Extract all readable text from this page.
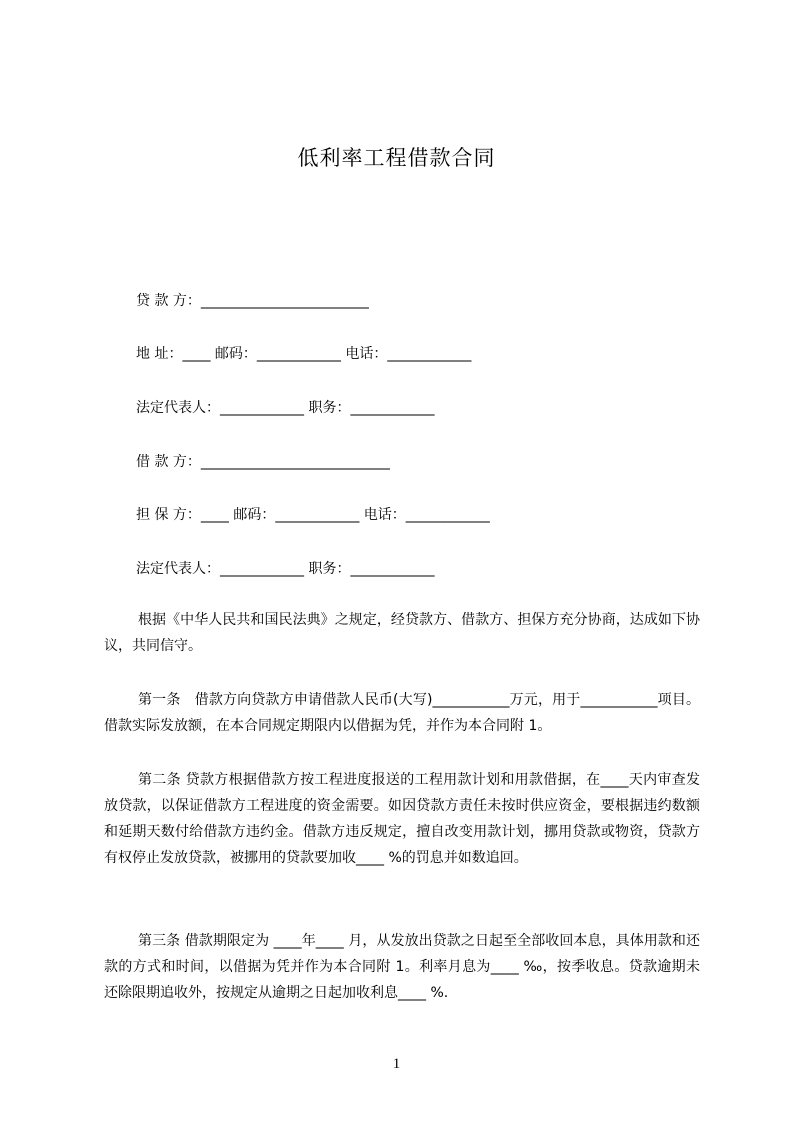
低利率工程借款合同
贷 款 方：________________________
地 址：____ 邮码：____________ 电话：____________
法定代表人：____________ 职务：____________
借 款 方：___________________________
担 保 方：____ 邮码：____________ 电话：____________
法定代表人：____________ 职务：____________

根据《中华人民共和国民法典》之规定，经贷款方、借款方、担保方充分协商，达成如下协议，共同信守。

第一条　借款方向贷款方申请借款人民币(大写)___________万元，用于___________项目。借款实际发放额，在本合同规定期限内以借据为凭，并作为本合同附 1。

第二条 贷款方根据借款方按工程进度报送的工程用款计划和用款借据，在____天内审查发放贷款，以保证借款方工程进度的资金需要。如因贷款方责任未按时供应资金，要根据违约数额和延期天数付给借款方违约金。借款方违反规定，擅自改变用款计划，挪用贷款或物资，贷款方有权停止发放贷款，被挪用的贷款要加收____ %的罚息并如数追回。

第三条 借款期限定为 ____年____ 月，从发放出贷款之日起至全部收回本息，具体用款和还款的方式和时间，以借据为凭并作为本合同附 1。利率月息为____ ‰，按季收息。贷款逾期未还除限期追收外，按规定从逾期之日起加收利息____ %.

1
